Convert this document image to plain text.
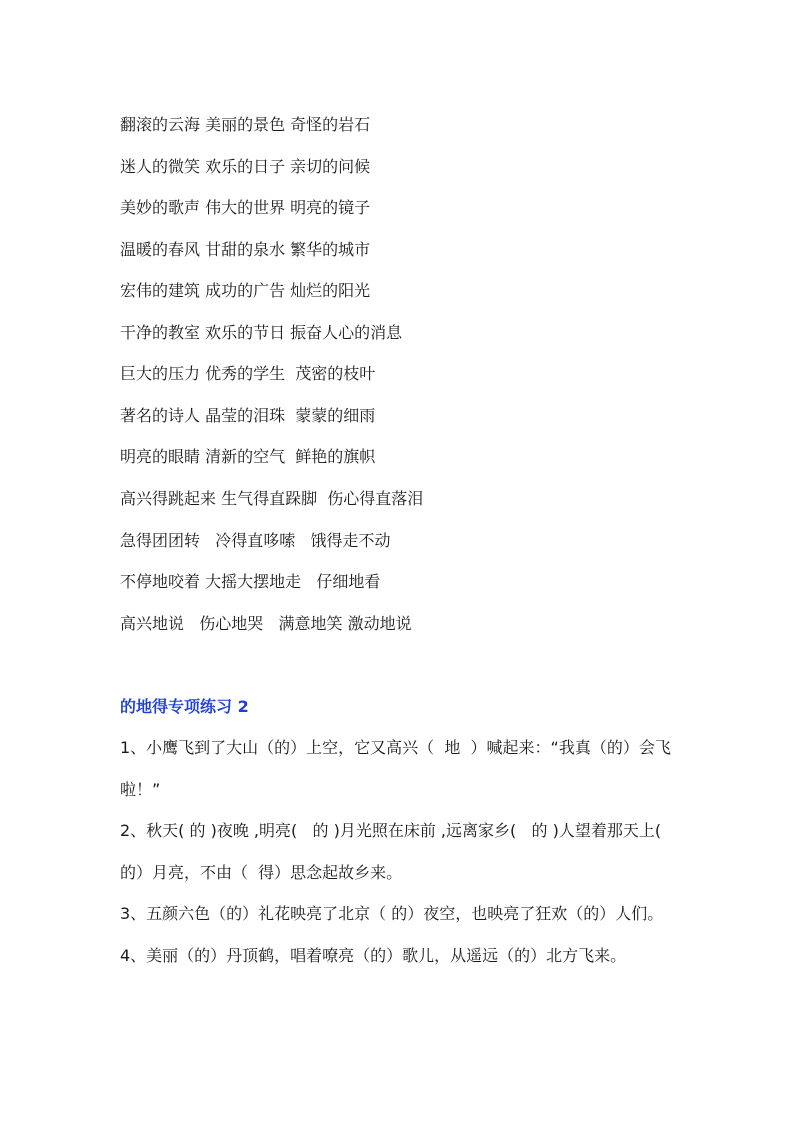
翻滚的云海 美丽的景色 奇怪的岩石
迷人的微笑 欢乐的日子 亲切的问候
美妙的歌声 伟大的世界 明亮的镜子
温暖的春风 甘甜的泉水 繁华的城市
宏伟的建筑 成功的广告 灿烂的阳光
干净的教室 欢乐的节日 振奋人心的消息
巨大的压力 优秀的学生  茂密的枝叶
著名的诗人 晶莹的泪珠  蒙蒙的细雨
明亮的眼睛 清新的空气  鲜艳的旗帜
高兴得跳起来 生气得直跺脚  伤心得直落泪
急得团团转   冷得直哆嗦   饿得走不动
不停地咬着 大摇大摆地走   仔细地看
高兴地说   伤心地哭   满意地笑 激动地说
的地得专项练习 2
1、小鹰飞到了大山（的）上空，它又高兴（  地  ）喊起来：“我真（的）会飞
啦！”
2、秋天( 的 )夜晚 ,明亮(   的 )月光照在床前 ,远离家乡(   的 )人望着那天上(
的）月亮，不由（  得）思念起故乡来。
3、五颜六色（的）礼花映亮了北京（ 的）夜空，也映亮了狂欢（的）人们。
4、美丽（的）丹顶鹤，唱着嘹亮（的）歌儿，从遥远（的）北方飞来。
